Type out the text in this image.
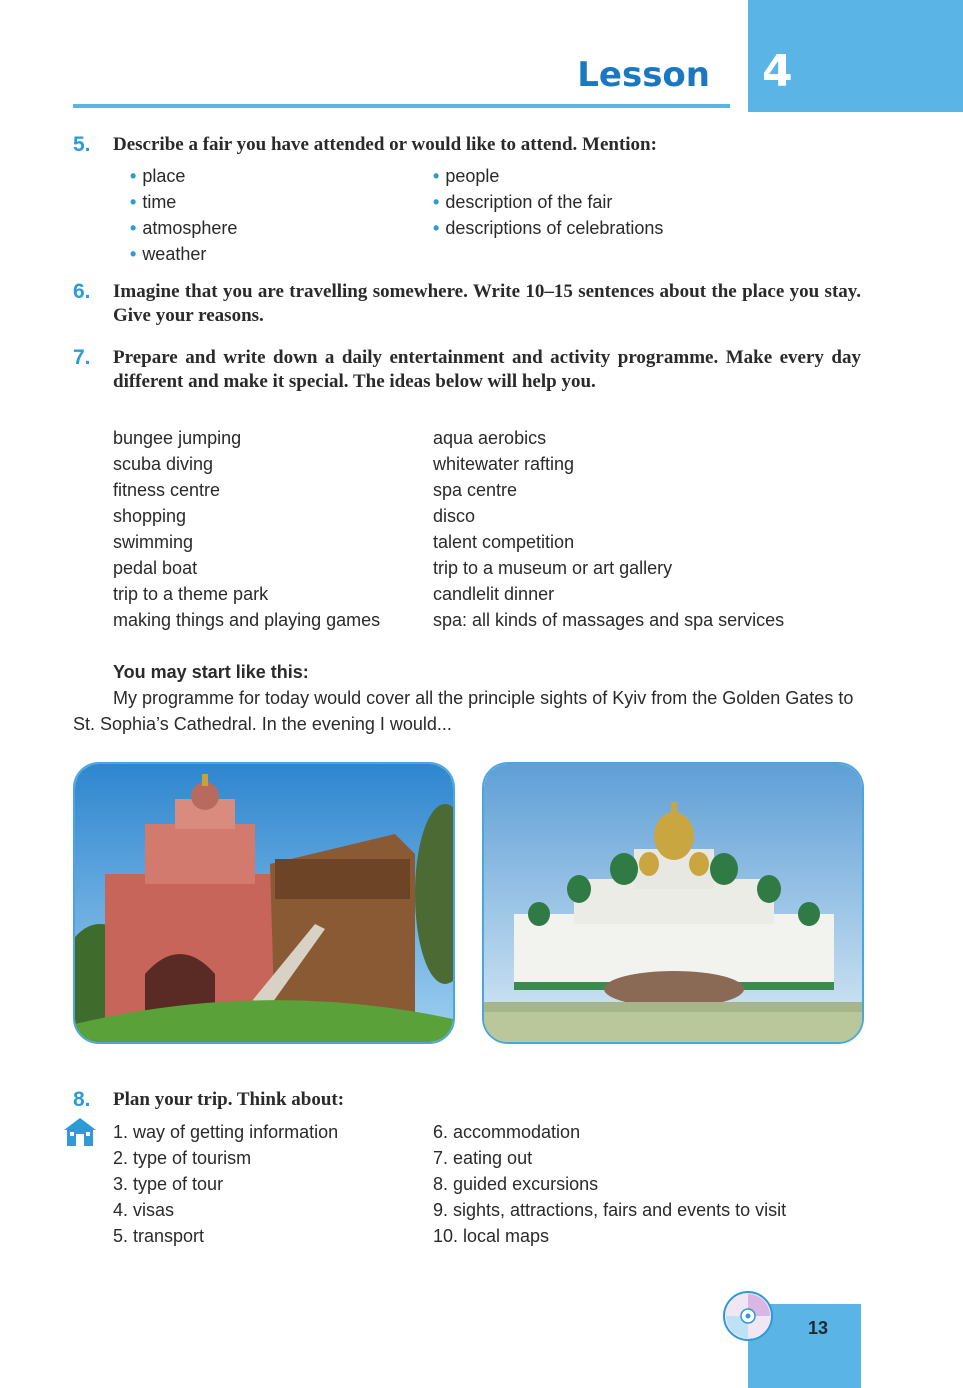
4
Lesson
5. Describe a fair you have attended or would like to attend. Mention:
• place
• time
• atmosphere
• weather
• people
• description of the fair
• descriptions of celebrations
6. Imagine that you are travelling somewhere. Write 10–15 sentences about the place you stay. Give your reasons.
7. Prepare and write down a daily entertainment and activity programme. Make every day different and make it special. The ideas below will help you.
bungee jumping
scuba diving
fitness centre
shopping
swimming
pedal boat
trip to a theme park
making things and playing games
aqua aerobics
whitewater rafting
spa centre
disco
talent competition
trip to a museum or art gallery
candlelit dinner
spa: all kinds of massages and spa services
You may start like this:
My programme for today would cover all the principle sights of Kyiv from the Golden Gates to St. Sophia’s Cathedral. In the evening I would...
8. Plan your trip. Think about:
1. way of getting information
2. type of tourism
3. type of tour
4. visas
5. transport
6. accommodation
7. eating out
8. guided excursions
9. sights, attractions, fairs and events to visit
10. local maps
13
